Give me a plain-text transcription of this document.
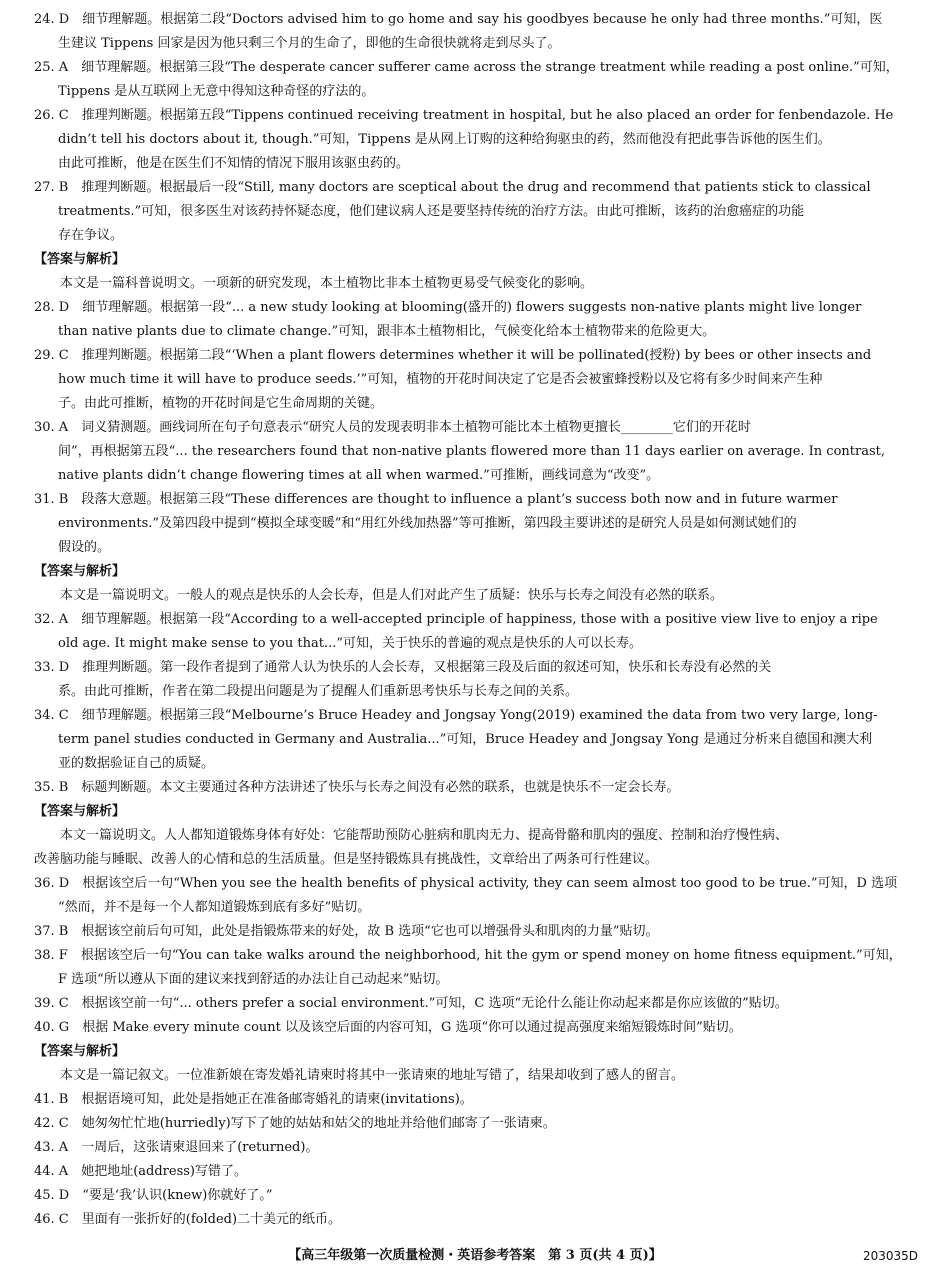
24. D　细节理解题。根据第二段“Doctors advised him to go home and say his goodbyes because he only had three months.”可知，医

生建议 Tippens 回家是因为他只剩三个月的生命了，即他的生命很快就将走到尽头了。

25. A　细节理解题。根据第三段“The desperate cancer sufferer came across the strange treatment while reading a post online.”可知，

Tippens 是从互联网上无意中得知这种奇怪的疗法的。

26. C　推理判断题。根据第五段“Tippens continued receiving treatment in hospital, but he also placed an order for fenbendazole. He

didn’t tell his doctors about it, though.”可知，Tippens 是从网上订购的这种给狗驱虫的药，然而他没有把此事告诉他的医生们。

由此可推断，他是在医生们不知情的情况下服用该驱虫药的。

27. B　推理判断题。根据最后一段“Still, many doctors are sceptical about the drug and recommend that patients stick to classical

treatments.”可知，很多医生对该药持怀疑态度，他们建议病人还是要坚持传统的治疗方法。由此可推断，该药的治愈癌症的功能

存在争议。

【答案与解析】

本文是一篇科普说明文。一项新的研究发现，本土植物比非本土植物更易受气候变化的影响。

28. D　细节理解题。根据第一段“... a new study looking at blooming(盛开的) flowers suggests non-native plants might live longer

than native plants due to climate change.”可知，跟非本土植物相比，气候变化给本土植物带来的危险更大。

29. C　推理判断题。根据第二段“‘When a plant flowers determines whether it will be pollinated(授粉) by bees or other insects and

how much time it will have to produce seeds.’”可知，植物的开花时间决定了它是否会被蜜蜂授粉以及它将有多少时间来产生种

子。由此可推断，植物的开花时间是它生命周期的关键。

30. A　词义猜测题。画线词所在句子句意表示“研究人员的发现表明非本土植物可能比本土植物更擅长________它们的开花时

间”，再根据第五段“... the researchers found that non-native plants flowered more than 11 days earlier on average. In contrast,

native plants didn’t change flowering times at all when warmed.”可推断，画线词意为“改变”。

31. B　段落大意题。根据第三段“These differences are thought to influence a plant’s success both now and in future warmer

environments.”及第四段中提到“模拟全球变暖”和“用红外线加热器”等可推断，第四段主要讲述的是研究人员是如何测试她们的

假设的。

【答案与解析】

本文是一篇说明文。一般人的观点是快乐的人会长寿，但是人们对此产生了质疑：快乐与长寿之间没有必然的联系。

32. A　细节理解题。根据第一段“According to a well-accepted principle of happiness, those with a positive view live to enjoy a ripe

old age. It might make sense to you that...”可知，关于快乐的普遍的观点是快乐的人可以长寿。

33. D　推理判断题。第一段作者提到了通常人认为快乐的人会长寿，又根据第三段及后面的叙述可知，快乐和长寿没有必然的关

系。由此可推断，作者在第二段提出问题是为了提醒人们重新思考快乐与长寿之间的关系。

34. C　细节理解题。根据第三段“Melbourne’s Bruce Headey and Jongsay Yong(2019) examined the data from two very large, long-

term panel studies conducted in Germany and Australia...”可知，Bruce Headey and Jongsay Yong 是通过分析来自德国和澳大利

亚的数据验证自己的质疑。

35. B　标题判断题。本文主要通过各种方法讲述了快乐与长寿之间没有必然的联系，也就是快乐不一定会长寿。

【答案与解析】

本文一篇说明文。人人都知道锻炼身体有好处：它能帮助预防心脏病和肌肉无力、提高骨骼和肌肉的强度、控制和治疗慢性病、

改善脑功能与睡眠、改善人的心情和总的生活质量。但是坚持锻炼具有挑战性，文章给出了两条可行性建议。

36. D　根据该空后一句“When you see the health benefits of physical activity, they can seem almost too good to be true.”可知，D 选项

“然而，并不是每一个人都知道锻炼到底有多好”贴切。

37. B　根据该空前后句可知，此处是指锻炼带来的好处，故 B 选项“它也可以增强骨头和肌肉的力量”贴切。

38. F　根据该空后一句“You can take walks around the neighborhood, hit the gym or spend money on home fitness equipment.”可知，

F 选项“所以遵从下面的建议来找到舒适的办法让自己动起来”贴切。

39. C　根据该空前一句“... others prefer a social environment.”可知，C 选项“无论什么能让你动起来都是你应该做的”贴切。

40. G　根据 Make every minute count 以及该空后面的内容可知，G 选项“你可以通过提高强度来缩短锻炼时间”贴切。

【答案与解析】

本文是一篇记叙文。一位准新娘在寄发婚礼请柬时将其中一张请柬的地址写错了，结果却收到了感人的留言。

41. B　根据语境可知，此处是指她正在准备邮寄婚礼的请柬(invitations)。

42. C　她匆匆忙忙地(hurriedly)写下了她的姑姑和姑父的地址并给他们邮寄了一张请柬。

43. A　一周后，这张请柬退回来了(returned)。

44. A　她把地址(address)写错了。

45. D　“要是‘我’认识(knew)你就好了。”

46. C　里面有一张折好的(folded)二十美元的纸币。

【高三年级第一次质量检测・英语参考答案　第 3 页(共 4 页)】	203035D
